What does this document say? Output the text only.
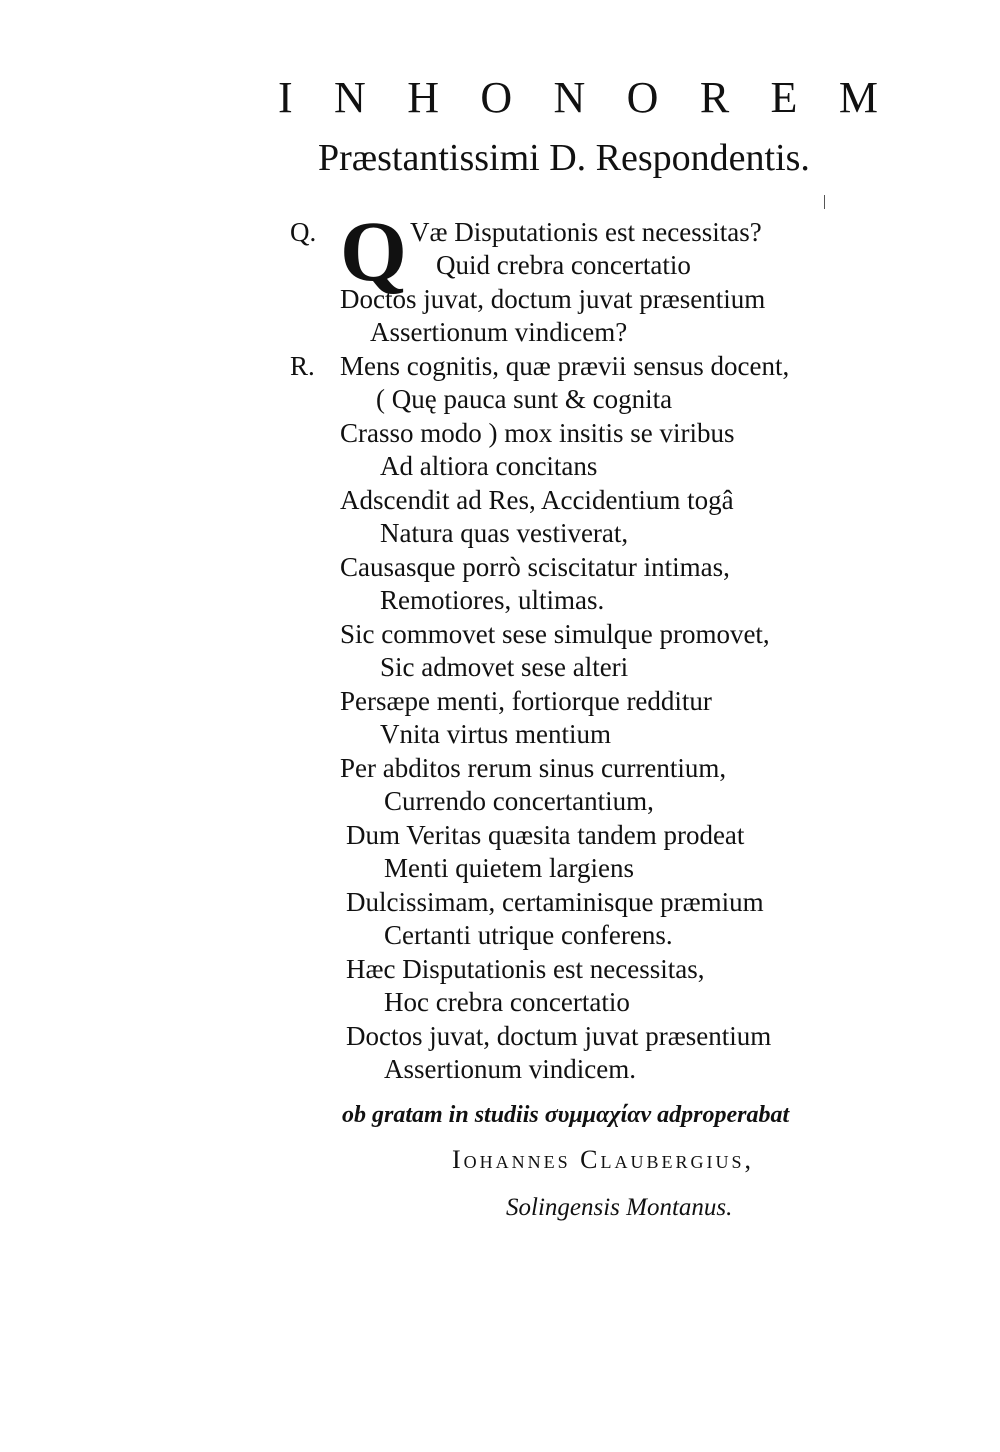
I N H O N O R E M
Præstantissimi D. Respondentis.
Q. Q
R.
Væ Disputationis est necessitas?
Quid crebra concertatio
Doctos juvat, doctum juvat præsentium
Assertionum vindicem?
Mens cognitis, quæ prævii sensus docent,
( Quę pauca sunt & cognita
Crasso modo ) mox insitis se viribus
Ad altiora concitans
Adscendit ad Res, Accidentium togâ
Natura quas vestiverat,
Causasque porrò sciscitatur intimas,
Remotiores, ultimas.
Sic commovet sese simulque promovet,
Sic admovet sese alteri
Persæpe menti, fortiorque redditur
Vnita virtus mentium
Per abditos rerum sinus currentium,
Currendo concertantium,
Dum Veritas quæsita tandem prodeat
Menti quietem largiens
Dulcissimam, certaminisque præmium
Certanti utrique conferens.
Hæc Disputationis est necessitas,
Hoc crebra concertatio
Doctos juvat, doctum juvat præsentium
Assertionum vindicem.
ob gratam in studiis συμμαχίαν adproperabat
Iohannes Claubergius,
Solingensis Montanus.
